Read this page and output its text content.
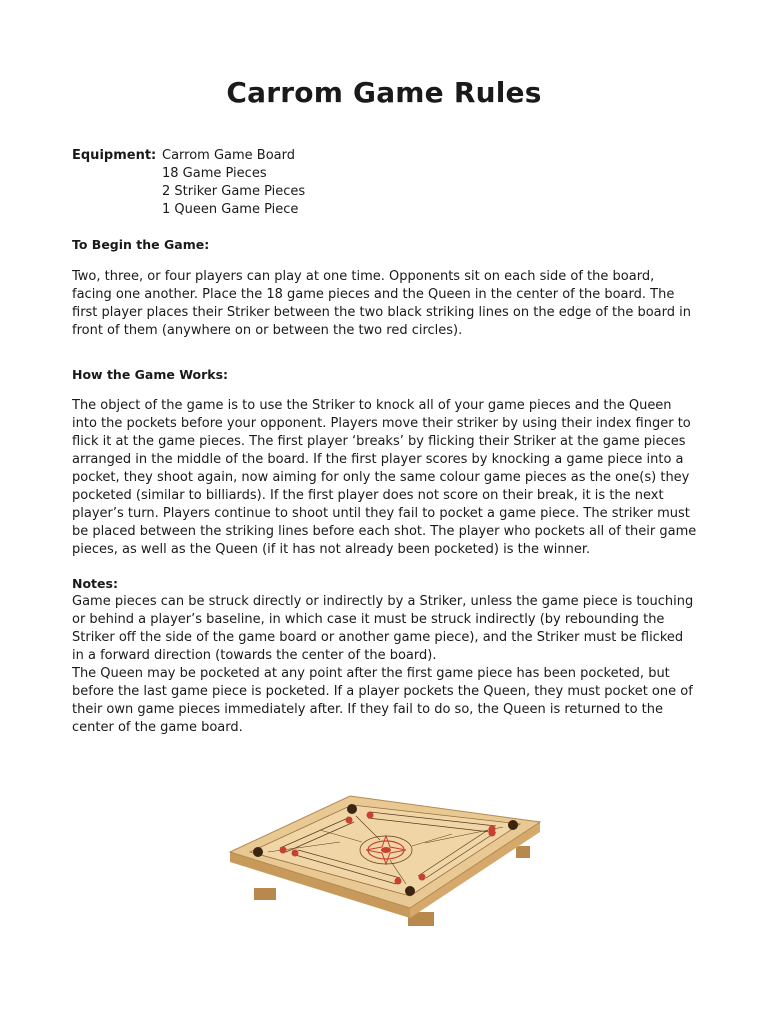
Carrom Game Rules
Equipment: Carrom Game Board
18 Game Pieces
2 Striker Game Pieces
1 Queen Game Piece
To Begin the Game:

Two, three, or four players can play at one time. Opponents sit on each side of the board, facing one another. Place the 18 game pieces and the Queen in the center of the board. The first player places their Striker between the two black striking lines on the edge of the board in front of them (anywhere on or between the two red circles).

How the Game Works:

The object of the game is to use the Striker to knock all of your game pieces and the Queen into the pockets before your opponent. Players move their striker by using their index finger to flick it at the game pieces. The first player ‘breaks’ by flicking their Striker at the game pieces arranged in the middle of the board. If the first player scores by knocking a game piece into a pocket, they shoot again, now aiming for only the same colour game pieces as the one(s) they pocketed (similar to billiards). If the first player does not score on their break, it is the next player’s turn. Players continue to shoot until they fail to pocket a game piece. The striker must be placed between the striking lines before each shot. The player who pockets all of their game pieces, as well as the Queen (if it has not already been pocketed) is the winner.

Notes:

Game pieces can be struck directly or indirectly by a Striker, unless the game piece is touching or behind a player’s baseline, in which case it must be struck indirectly (by rebounding the Striker off the side of the game board or another game piece), and the Striker must be flicked in a forward direction (towards the center of the board).

The Queen may be pocketed at any point after the first game piece has been pocketed, but before the last game piece is pocketed. If a player pockets the Queen, they must pocket one of their own game pieces immediately after. If they fail to do so, the Queen is returned to the center of the game board.
